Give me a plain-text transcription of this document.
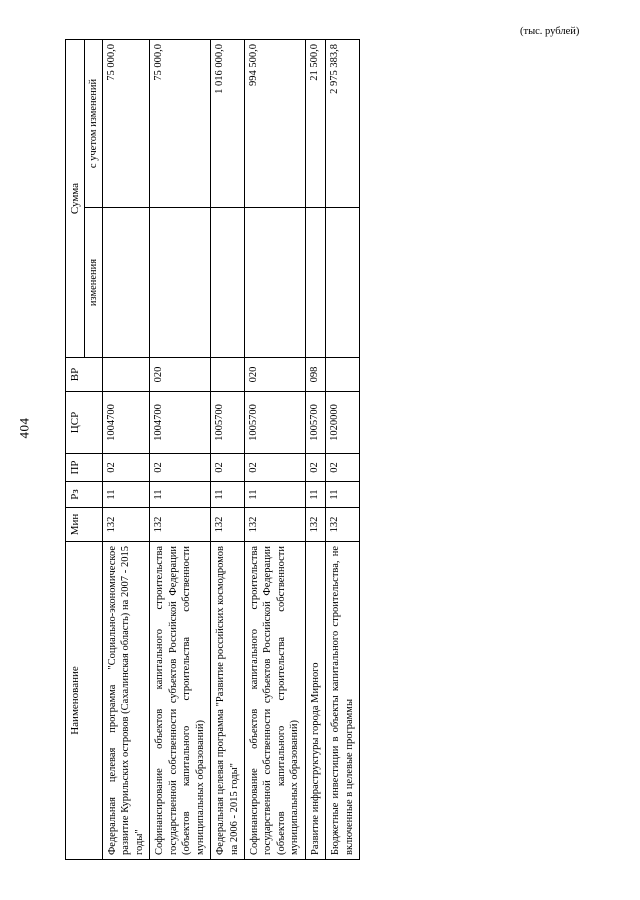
404
(тыс. рублей)
Наименование	Мин	Рз	ПР	ЦСР	ВР	Сумма	
						изменения	с учетом изменений
Федеральная целевая программа "Социально-экономическое развитие Курильских островов (Сахалинская область) на 2007 - 2015 годы"	132	11	02	1004700			75 000,0
Софинансирование объектов капитального строительства государственной собственности субъектов Российской Федерации (объектов капитального строительства собственности муниципальных образований)	132	11	02	1004700	020		75 000,0
Федеральная целевая программа "Развитие российских космодромов на 2006 - 2015 годы"	132	11	02	1005700			1 016 000,0
Софинансирование объектов капитального строительства государственной собственности субъектов Российской Федерации (объектов капитального строительства собственности муниципальных образований)	132	11	02	1005700	020		994 500,0
Развитие инфраструктуры города Мирного	132	11	02	1005700	098		21 500,0
Бюджетные инвестиции в объекты капитального строительства, не включенные в целевые программы	132	11	02	1020000			2 975 383,8
